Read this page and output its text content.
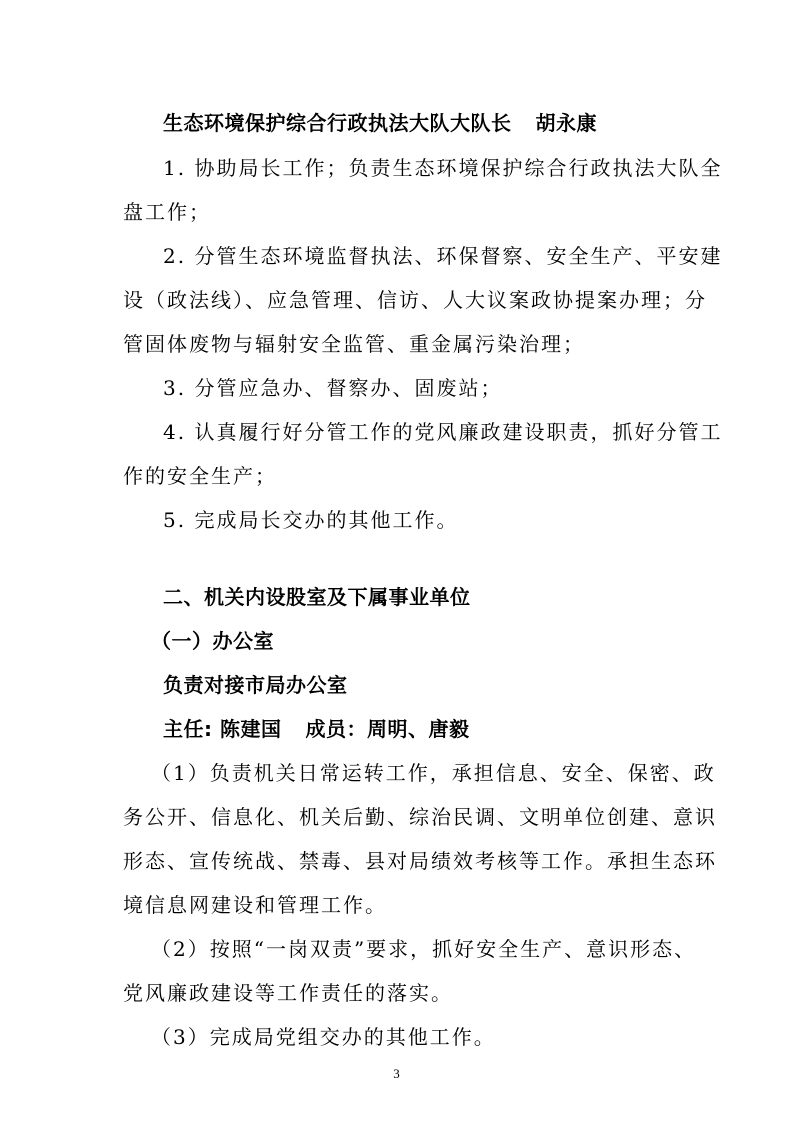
生态环境保护综合行政执法大队大队长 胡永康
1. 协助局长工作；负责生态环境保护综合行政执法大队全
盘工作；
2. 分管生态环境监督执法、环保督察、安全生产、平安建
设（政法线）、应急管理、信访、人大议案政协提案办理；分
管固体废物与辐射安全监管、重金属污染治理；
3. 分管应急办、督察办、固废站；
4. 认真履行好分管工作的党风廉政建设职责，抓好分管工
作的安全生产；
5. 完成局长交办的其他工作。
二、机关内设股室及下属事业单位
（一）办公室
负责对接市局办公室
主任: 陈建国 成员：周明、唐毅
（1）负责机关日常运转工作，承担信息、安全、保密、政
务公开、信息化、机关后勤、综治民调、文明单位创建、意识
形态、宣传统战、禁毒、县对局绩效考核等工作。承担生态环
境信息网建设和管理工作。
（2）按照“一岗双责”要求，抓好安全生产、意识形态、
党风廉政建设等工作责任的落实。
（3）完成局党组交办的其他工作。
3
